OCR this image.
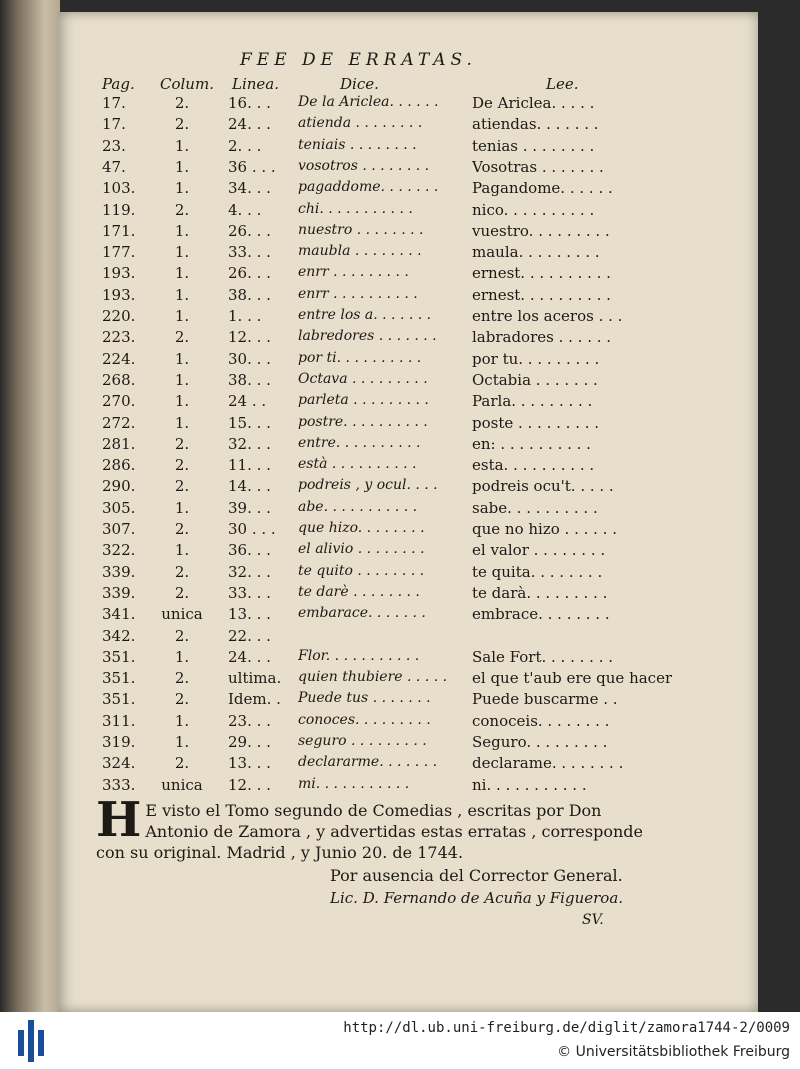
FEE DE ERRATAS.
Pag. Colum. Linea.	Dice.	Lee.
17.	2.	16. . .	De la Ariclea. . . . . .	De Ariclea. . . . .
17.	2.	24. . .	atienda . . . . . . . .	atiendas. . . . . . .
23.	1.	2. . .	teniais . . . . . . . .	tenias . . . . . . . .
47.	1.	36 . . .	vosotros . . . . . . . .	Vosotras . . . . . . .
103.	1.	34. . .	pagaddome. . . . . . .	Pagandome. . . . . .
119.	2.	4. . .	chi. . . . . . . . . . .	nico. . . . . . . . . .
171.	1.	26. . .	nuestro . . . . . . . .	vuestro. . . . . . . . .
177.	1.	33. . .	maubla . . . . . . . .	maula. . . . . . . . .
193.	1.	26. . .	enrr . . . . . . . . .	ernest. . . . . . . . . .
193.	1.	38. . .	enrr . . . . . . . . . .	ernest. . . . . . . . . .
220.	1.	1. . .	entre los a. . . . . . .	entre los aceros . . .
223.	2.	12. . .	labredores . . . . . . .	labradores . . . . . .
224.	1.	30. . .	por ti. . . . . . . . . .	por tu. . . . . . . . .
268.	1.	38. . .	Octava . . . . . . . . .	Octabia . . . . . . .
270.	1.	24 . .	parleta . . . . . . . . .	Parla. . . . . . . . .
272.	1.	15. . .	postre. . . . . . . . . .	poste . . . . . . . . .
281.	2.	32. . .	entre. . . . . . . . . .	en: . . . . . . . . . .
286.	2.	11. . .	està . . . . . . . . . .	esta. . . . . . . . . .
290.	2.	14. . .	podreis , y ocul. . . .	podreis ocu't. . . . .
305.	1.	39. . .	abe. . . . . . . . . . .	sabe. . . . . . . . . .
307.	2.	30 . . .	que hizo. . . . . . . .	que no hizo . . . . . .
322.	1.	36. . .	el alivio . . . . . . . .	el valor . . . . . . . .
339.	2.	32. . .	te quito . . . . . . . .	te quita. . . . . . . .
339.	2.	33. . .	te darè . . . . . . . .	te darà. . . . . . . . .
341.	unica	13. . .	embarace. . . . . . .	embrace. . . . . . . .
342.	2.	22. . .
351.	1.	24. . .	Flor. . . . . . . . . . .	Sale Fort. . . . . . . .
351.	2.	ultima.	quien thubiere . . . . .	el que t'aub ere que hacer
351.	2.	Idem. .	Puede tus . . . . . . .	Puede buscarme . .
311.	1.	23. . .	conoces. . . . . . . . .	conoceis. . . . . . . .
319.	1.	29. . .	seguro . . . . . . . . .	Seguro. . . . . . . . .
324.	2.	13. . .	declararme. . . . . . .	declarame. . . . . . . .
333.	unica	12. . .	mi. . . . . . . . . . .	ni. . . . . . . . . . .
H E visto el Tomo segundo de Comedias , escritas por Don Antonio de Zamora , y advertidas estas erratas , corresponde con su original. Madrid , y Junio 20. de 1744.
Por ausencia del Corrector General.
Lic. D. Fernando de Acuña y Figueroa.
SV.
http://dl.ub.uni-freiburg.de/diglit/zamora1744-2/0009
© Universitätsbibliothek Freiburg
